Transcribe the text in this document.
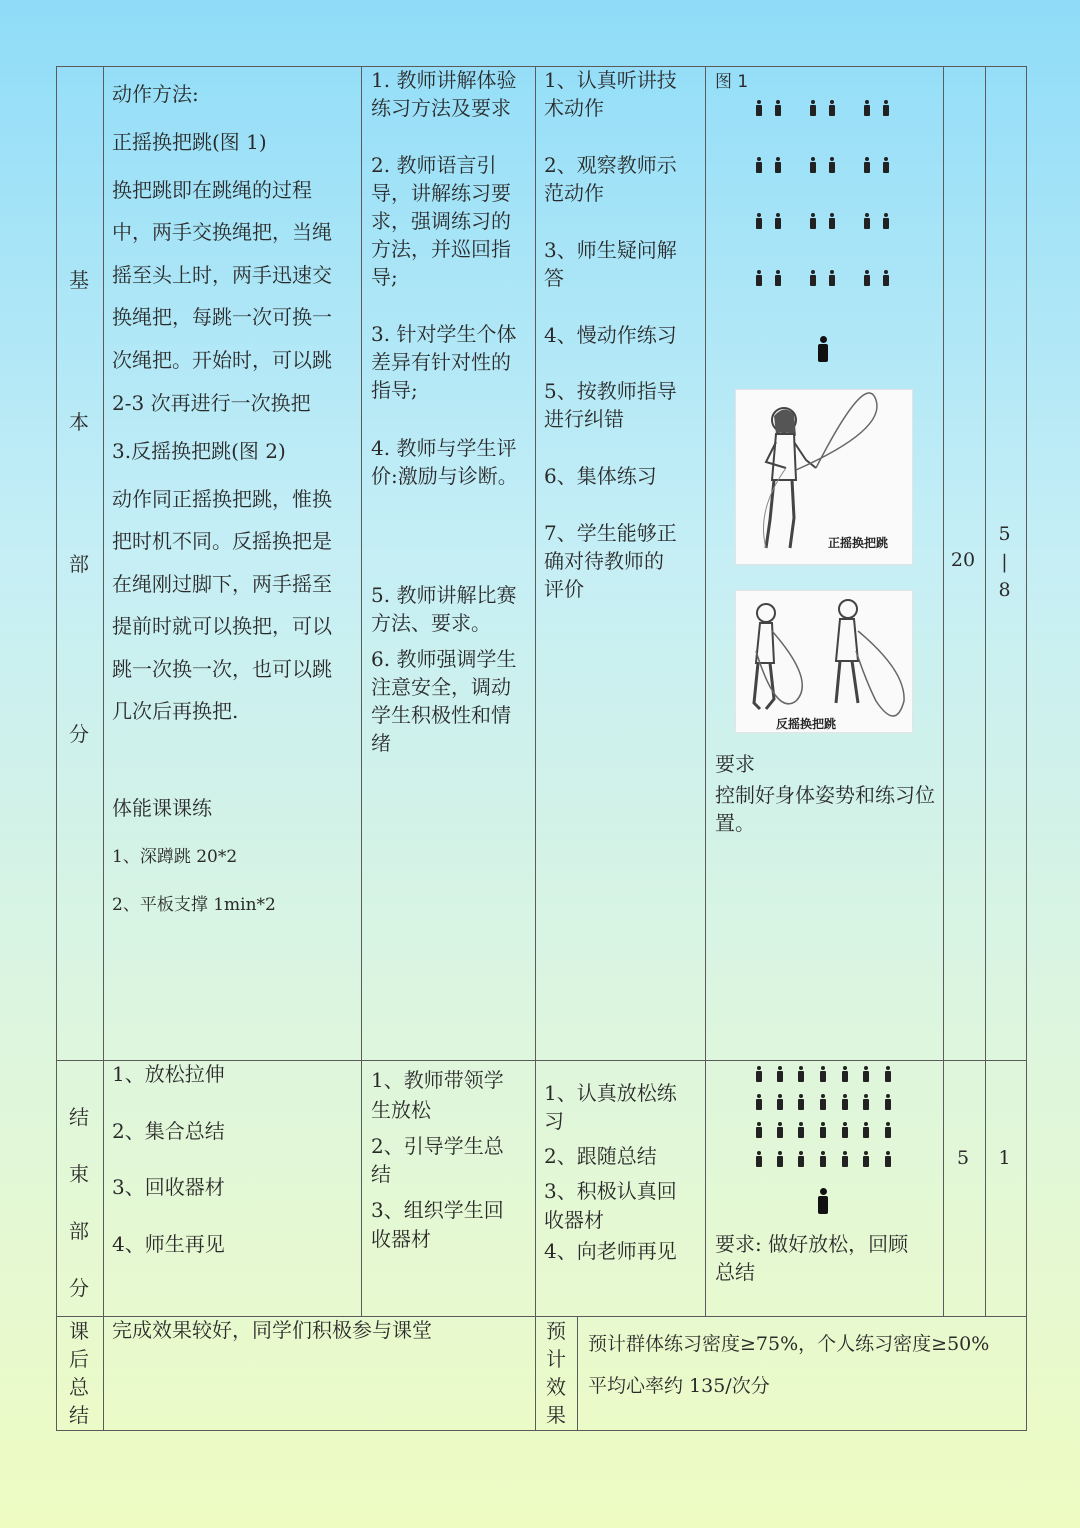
基
本
部
分
动作方法:
正摇换把跳(图 1)
换把跳即在跳绳的过程
中，两手交换绳把，当绳
摇至头上时，两手迅速交
换绳把，每跳一次可换一
次绳把。开始时，可以跳
2-3 次再进行一次换把
3.反摇换把跳(图 2)
动作同正摇换把跳，惟换
把时机不同。反摇换把是
在绳刚过脚下，两手摇至
提前时就可以换把，可以
跳一次换一次，也可以跳
几次后再换把.
体能课课练
1、深蹲跳 20*2
2、平板支撑 1min*2
1. 教师讲解体验
练习方法及要求
2. 教师语言引
导，讲解练习要
求，强调练习的
方法，并巡回指
导;
3. 针对学生个体
差异有针对性的
指导;
4. 教师与学生评
价:激励与诊断。
5. 教师讲解比赛
方法、要求。
6. 教师强调学生
注意安全，调动
学生积极性和情
绪
1、认真听讲技
术动作
2、观察教师示
范动作
3、师生疑问解
答
4、慢动作练习
5、按教师指导
进行纠错
6、集体练习
7、学生能够正
确对待教师的
评价
图 1
正摇换把跳
反摇换把跳
要求
控制好身体姿势和练习位
置。
20
5
|
8
结
束
部
分
1、放松拉伸
2、集合总结
3、回收器材
4、师生再见
1、教师带领学
生放松
2、引导学生总
结
3、组织学生回
收器材
1、认真放松练
习
2、跟随总结
3、积极认真回
收器材
4、向老师再见 要求: 做好放松，回顾
总结
5	1
课
后
总
结
完成效果较好，同学们积极参与课堂	预
计
效
果
预计群体练习密度≥75%，个人练习密度≥50%
平均心率约 135/次分
